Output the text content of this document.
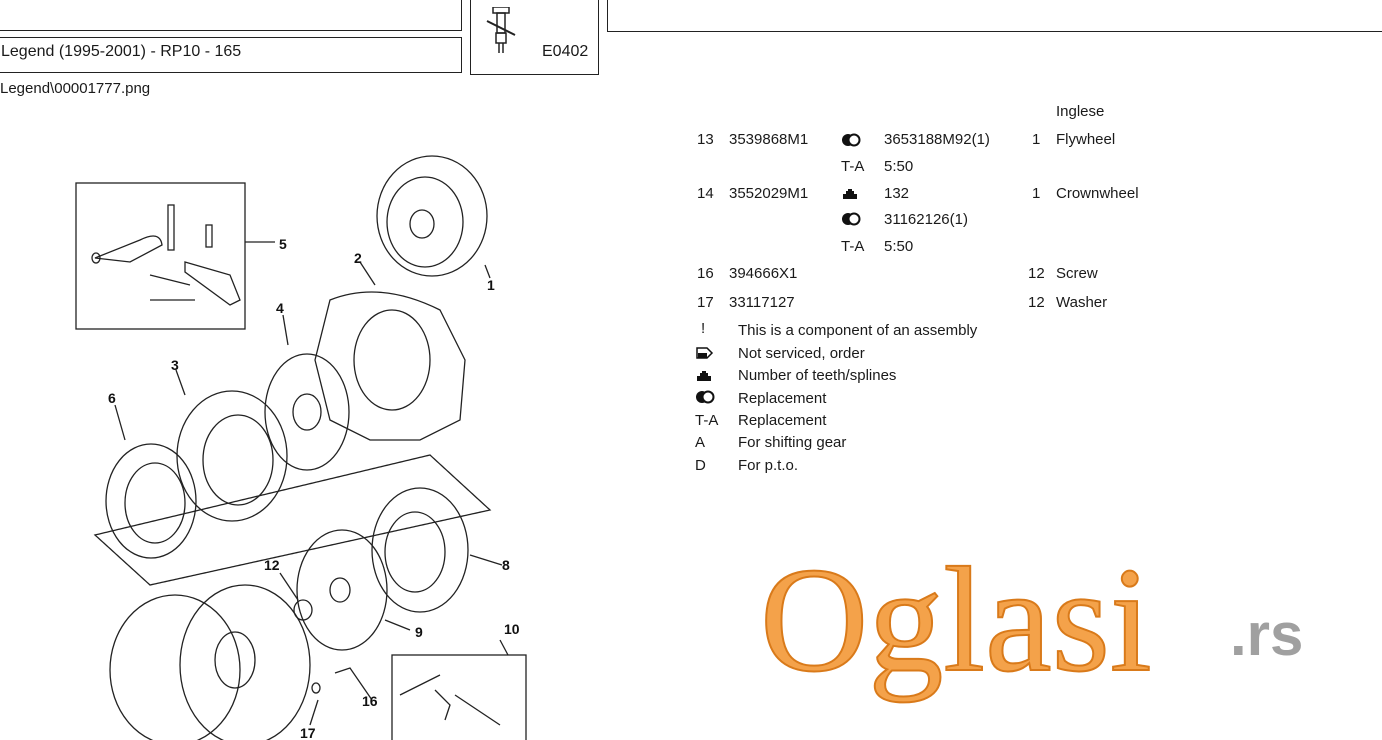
Legend (1995-2001) - RP10 - 165	E0402
Legend\00001777.png
Inglese
13 3539868M1	3653188M92(1)	1 Flywheel
T-A 5:50
14 3552029M1	132	1 Crownwheel
31162126(1)
T-A 5:50
16 394666X1	12 Screw
17 33117127	12 Washer
! This is a component of an assembly
Not serviced, order
Number of teeth/splines
Replacement
T-A Replacement
A For shifting gear
D For p.t.o.
1
2
3
4
5
6
8
9	10
12
16
17
Oglasi .rs
